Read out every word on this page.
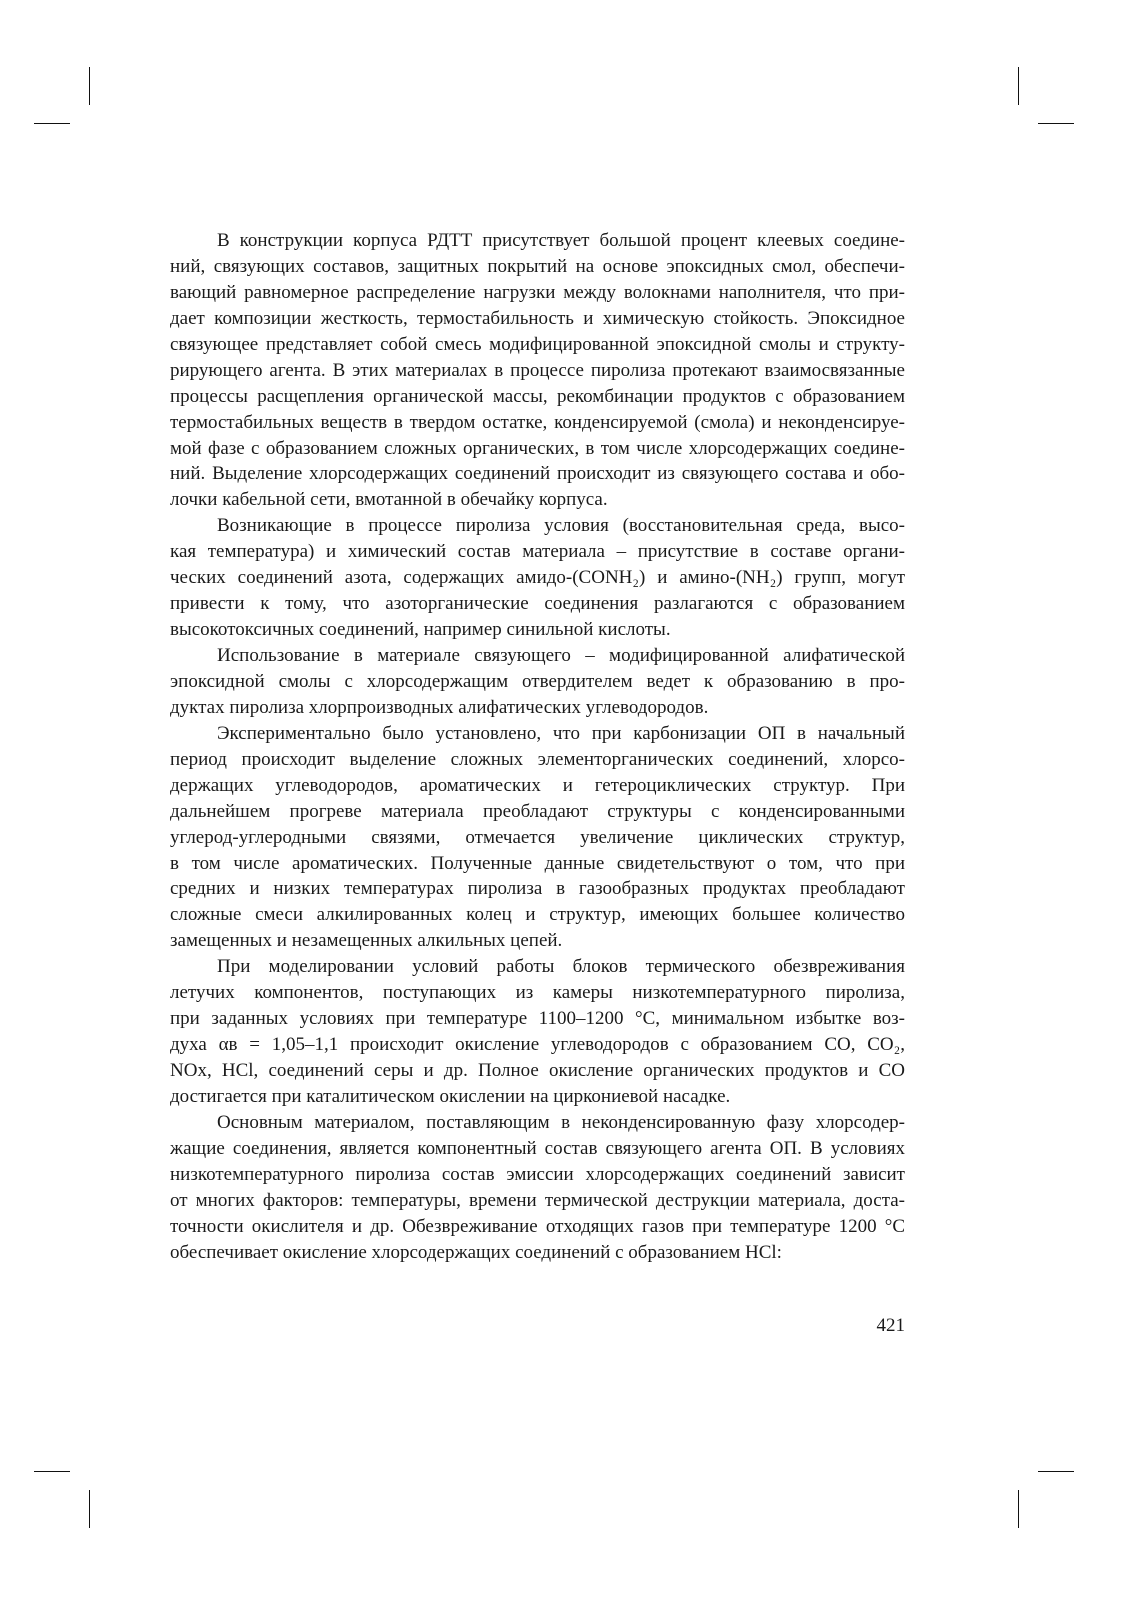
В конструкции корпуса РДТТ присутствует большой процент клеевых соедине-
ний, связующих составов, защитных покрытий на основе эпоксидных смол, обеспечи-
вающий равномерное распределение нагрузки между волокнами наполнителя, что при-
дает композиции жесткость, термостабильность и химическую стойкость. Эпоксидное
связующее представляет собой смесь модифицированной эпоксидной смолы и структу-
рирующего агента. В этих материалах в процессе пиролиза протекают взаимосвязанные
процессы расщепления органической массы, рекомбинации продуктов с образованием
термостабильных веществ в твердом остатке, конденсируемой (смола) и неконденсируе-
мой фазе с образованием сложных органических, в том числе хлорсодержащих соедине-
ний. Выделение хлорсодержащих соединений происходит из связующего состава и обо-
лочки кабельной сети, вмотанной в обечайку корпуса.
Возникающие в процессе пиролиза условия (восстановительная среда, высо-
кая температура) и химический состав материала – присутствие в составе органи-
ческих соединений азота, содержащих амидо-(CONH₂) и амино-(NH₂) групп, могут
привести к тому, что азоторганические соединения разлагаются с образованием
высокотоксичных соединений, например синильной кислоты.
Использование в материале связующего – модифицированной алифатической
эпоксидной смолы с хлорсодержащим отвердителем ведет к образованию в про-
дуктах пиролиза хлорпроизводных алифатических углеводородов.
Экспериментально было установлено, что при карбонизации ОП в начальный
период происходит выделение сложных элементорганических соединений, хлорсо-
держащих углеводородов, ароматических и гетероциклических структур. При
дальнейшем прогреве материала преобладают структуры с конденсированными
углерод-углеродными связями, отмечается увеличение циклических структур,
в том числе ароматических. Полученные данные свидетельствуют о том, что при
средних и низких температурах пиролиза в газообразных продуктах преобладают
сложные смеси алкилированных колец и структур, имеющих большее количество
замещенных и незамещенных алкильных цепей.
При моделировании условий работы блоков термического обезвреживания
летучих компонентов, поступающих из камеры низкотемпературного пиролиза,
при заданных условиях при температуре 1100–1200 °С, минимальном избытке воз-
духа αв = 1,05–1,1 происходит окисление углеводородов с образованием CO, CO₂,
NOx, HCl, соединений серы и др. Полное окисление органических продуктов и CO
достигается при каталитическом окислении на циркониевой насадке.
Основным материалом, поставляющим в неконденсированную фазу хлорсодер-
жащие соединения, является компонентный состав связующего агента ОП. В условиях
низкотемпературного пиролиза состав эмиссии хлорсодержащих соединений зависит
от многих факторов: температуры, времени термической деструкции материала, доста-
точности окислителя и др. Обезвреживание отходящих газов при температуре 1200 °С
обеспечивает окисление хлорсодержащих соединений с образованием HCl:
421
